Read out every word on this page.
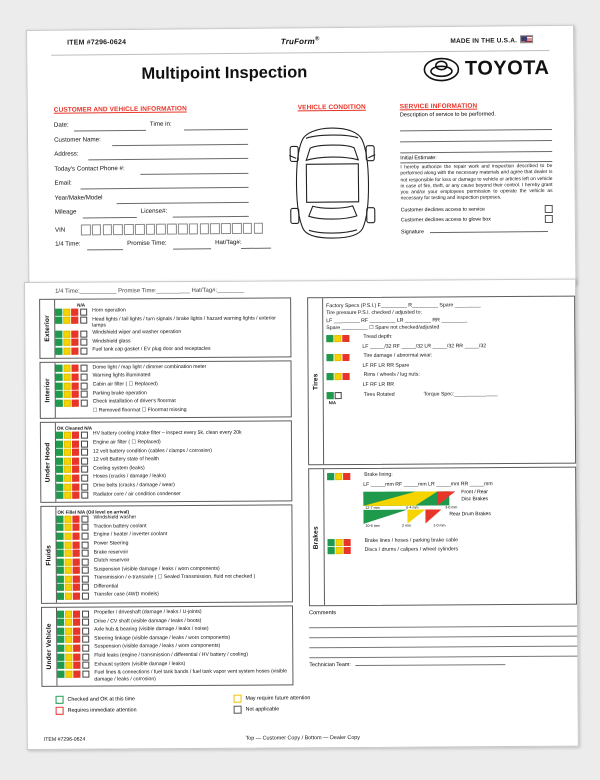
ITEM #7296-0624	TruForm®	MADE IN THE U.S.A.
Multipoint Inspection	TOYOTA
CUSTOMER AND VEHICLE INFORMATION
Date:	Time in:
Customer Name:
Address:
Today's Contact Phone #:
Email:
Year/Make/Model
Mileage	License#:
VIN
1/4 Time:	Promise Time:	Hat/Tag#:
VEHICLE CONDITION	SERVICE INFORMATION
Description of service to be performed.
Initial Estimate:
I hereby authorize the repair work and inspection described to be performed along with the necessary materials and agree that dealer is not responsible for loss or damage to vehicle or articles left on vehicle in case of fire, theft, or any cause beyond their control. I hereby grant you and/or your employees permission to operate the vehicle as necessary for testing and inspection purposes.
Customer declines access to service
Customer declines access to glove box
Signature
1/4 Time:___________ Promise Time:__________ Hat/Tag#:________
Exterior
N/A
Horn operation
Head lights / tail lights / turn signals / brake lights / hazard warning lights / exterior lamps
Windshield wiper and washer operation
Windshield glass
Fuel tank cap gasket / EV plug door and receptacles
Interior
Dome light / map light / dimmer combination meter
Warning lights illuminated
Cabin air filter ( ☐ Replaced)
Parking brake operation
Check installation of driver's floormat
☐ Removed floormat ☐ Floormat missing
Under Hood
OK Cleaned N/A
HV battery cooling intake filter – inspect every 5k, clean every 20k
Engine air filter ( ☐ Replaced)
12 volt battery condition (cables / clamps / corrosion)
12 volt Battery state of health
Cooling system (leaks)
Hoses (cracks / damage / leaks)
Drive belts (cracks / damage / wear)
Radiator core / air condition condenser
Fluids
OK Fillel N/A (Oil level on arrival)
Windshield washer
Traction battery coolant
Engine / heater / inverter coolant
Power Steering
Brake reservoir
Clutch reservoir
Suspension (visible damage / leaks / worn components)
Transmission / e-transaxle ( ☐ Sealed Transmission, fluid not checked )
Differential
Transfer case (4WD models)
Under Vehicle
Propeller / driveshaft (damage / leaks / U-joints)
Drive / CV shaft (visible damage / leaks / boots)
Axle hub & bearing (visible damage / leaks / noise)
Steering linkage (visible damage / leaks / worn components)
Suspension (visible damage / leaks / worn components)
Fluid leaks (engine / transmission / differential / HV battery / cooling)
Exhaust system (visible damage / leaks)
Fuel lines & connections / fuel tank bands / fuel tank vapor vent system hoses (visible damage / leaks / corrosion)
Tires
Factory Specs (P.S.I.) F_________ R_________ Spare _________
Tire pressure P.S.I. checked / adjusted to:
LF _________ RF _________ LR _________ RR _________
Spare _________ ☐ Spare not checked/adjusted
Tread depth:
LF _____/32 RF _____/32 LR _____/32 RR _____/32
Tire damage / abnormal wear:
LF RF LR RR Spare
Rims / wheels / lug nuts:
LF RF LR RR
Tires Rotated	Torque Spec:_______________
N/A
Brakes
Brake lining:
LF _____mm RF _____mm LR _____mm RR _____mm
Front / Rear
Disc Brakes
Rear Drum Brakes
12-7 mm	6-4 mm	3-0 mm
10-6 mm	2 mm	1-0 mm
Brake lines / hoses / parking brake cable
Discs / drums / calipers / wheel cylinders
Comments
Technician Team:
Checked and OK at this time	May require future attention
Requires immediate attention	Not applicable
ITEM #7296-0624	Top — Customer Copy / Bottom — Dealer Copy
